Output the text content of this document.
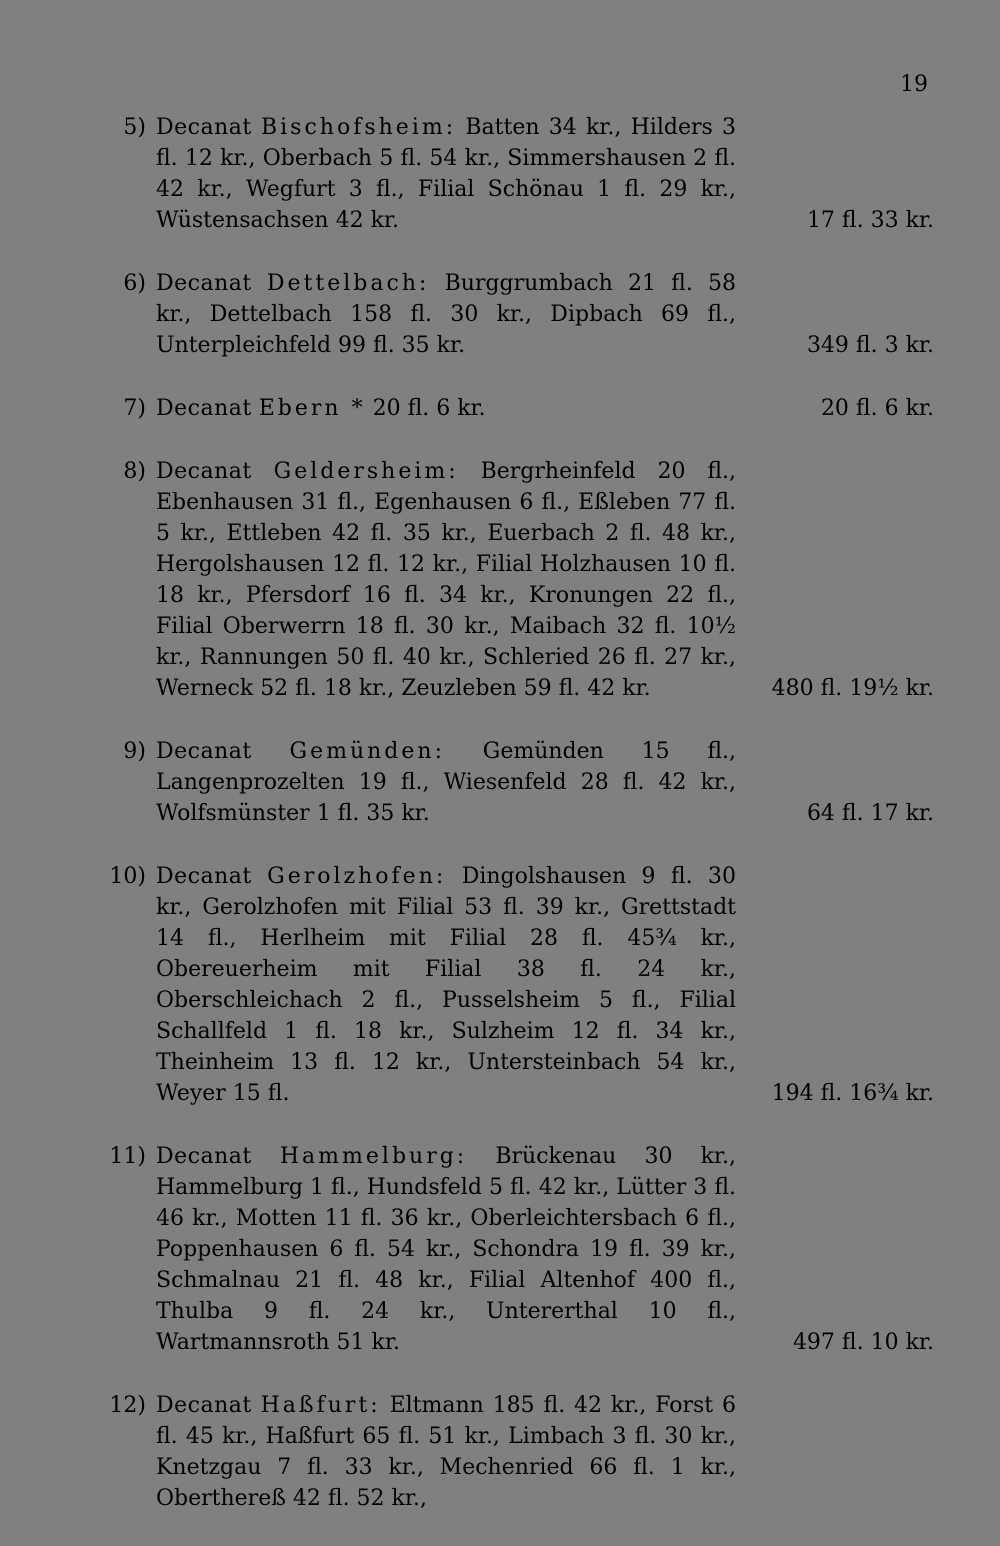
19
5) Decanat Bischofsheim: Batten 34 kr., Hilders 3 fl. 12 kr., Oberbach 5 fl. 54 kr., Simmershausen 2 fl. 42 kr., Wegfurt 3 fl., Filial Schönau 1 fl. 29 kr., Wüstensachsen 42 kr.	17 fl. 33 kr.
6) Decanat Dettelbach: Burggrumbach 21 fl. 58 kr., Dettelbach 158 fl. 30 kr., Dipbach 69 fl., Unterpleichfeld 99 fl. 35 kr.	349 fl. 3 kr.
7) Decanat Ebern * 20 fl. 6 kr.	20 fl. 6 kr.
8) Decanat Geldersheim: Bergrheinfeld 20 fl., Ebenhausen 31 fl., Egenhausen 6 fl., Eßleben 77 fl. 5 kr., Ettleben 42 fl. 35 kr., Euerbach 2 fl. 48 kr., Hergolshausen 12 fl. 12 kr., Filial Holzhausen 10 fl. 18 kr., Pfersdorf 16 fl. 34 kr., Kronungen 22 fl., Filial Oberwerrn 18 fl. 30 kr., Maibach 32 fl. 10½ kr., Rannungen 50 fl. 40 kr., Schleried 26 fl. 27 kr., Werneck 52 fl. 18 kr., Zeuzleben 59 fl. 42 kr.	480 fl. 19½ kr.
9) Decanat Gemünden: Gemünden 15 fl., Langenprozelten 19 fl., Wiesenfeld 28 fl. 42 kr., Wolfsmünster 1 fl. 35 kr.	64 fl. 17 kr.
10) Decanat Gerolzhofen: Dingolshausen 9 fl. 30 kr., Gerolzhofen mit Filial 53 fl. 39 kr., Grettstadt 14 fl., Herlheim mit Filial 28 fl. 45¾ kr., Obereuerheim mit Filial 38 fl. 24 kr., Oberschleichach 2 fl., Pusselsheim 5 fl., Filial Schallfeld 1 fl. 18 kr., Sulzheim 12 fl. 34 kr., Theinheim 13 fl. 12 kr., Untersteinbach 54 kr., Weyer 15 fl.	194 fl. 16¾ kr.
11) Decanat Hammelburg: Brückenau 30 kr., Hammelburg 1 fl., Hundsfeld 5 fl. 42 kr., Lütter 3 fl. 46 kr., Motten 11 fl. 36 kr., Oberleichtersbach 6 fl., Poppenhausen 6 fl. 54 kr., Schondra 19 fl. 39 kr., Schmalnau 21 fl. 48 kr., Filial Altenhof 400 fl., Thulba 9 fl. 24 kr., Untererthal 10 fl., Wartmannsroth 51 kr.	497 fl. 10 kr.
12) Decanat Haßfurt: Eltmann 185 fl. 42 kr., Forst 6 fl. 45 kr., Haßfurt 65 fl. 51 kr., Limbach 3 fl. 30 kr., Knetzgau 7 fl. 33 kr., Mechenried 66 fl. 1 kr., Oberthereß 42 fl. 52 kr.,
